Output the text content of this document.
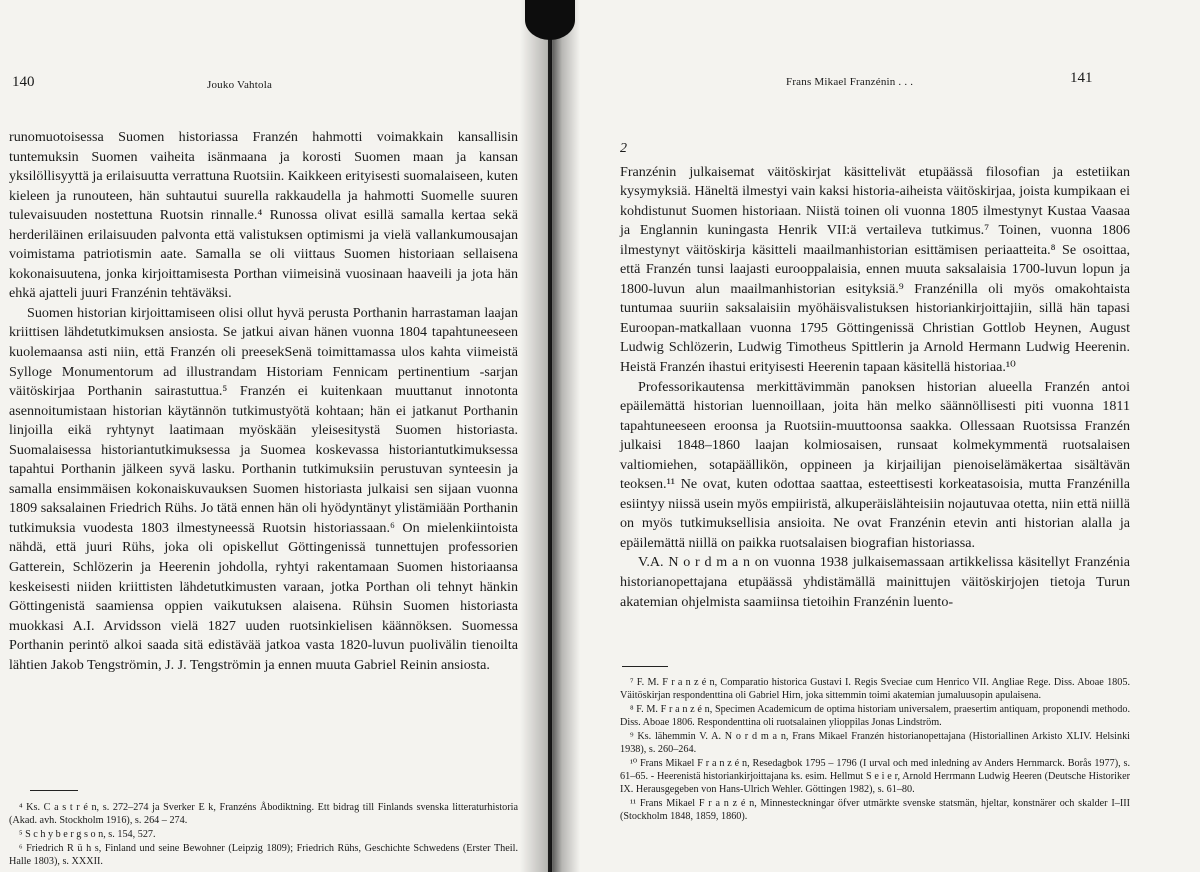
140	Jouko Vahtola

runomuotoisessa Suomen historiassa Franzén hahmotti voimakkain kansallisin tuntemuksin Suomen vaiheita isänmaana ja korosti Suomen maan ja kansan yksilöllisyyttä ja erilaisuutta verrattuna Ruotsiin. Kaikkeen erityisesti suomalaiseen, kuten kieleen ja runouteen, hän suhtautui suurella rakkaudella ja hahmotti Suomelle suuren tulevaisuuden nostettuna Ruotsin rinnalle.⁴ Runossa olivat esillä samalla kertaa sekä herderiläinen erilaisuuden palvonta että valistuksen optimismi ja vielä vallankumousajan voimistama patriotismin aate. Samalla se oli viittaus Suomen historiaan sellaisena kokonaisuutena, jonka kirjoittamisesta Porthan viimeisinä vuosinaan haaveili ja jota hän ehkä ajatteli juuri Franzénin tehtäväksi.

Suomen historian kirjoittamiseen olisi ollut hyvä perusta Porthanin harrastaman laajan kriittisen lähdetutkimuksen ansiosta. Se jatkui aivan hänen vuonna 1804 tapahtuneeseen kuolemaansa asti niin, että Franzén oli preesekSenä toimittamassa ulos kahta viimeistä Sylloge Monumentorum ad illustrandam Historiam Fennicam pertinentium -sarjan väitöskirjaa Porthanin sairastuttua.⁵ Franzén ei kuitenkaan muuttanut innotonta asennoitumistaan historian käytännön tutkimustyötä kohtaan; hän ei jatkanut Porthanin linjoilla eikä ryhtynyt laatimaan myöskään yleisesitystä Suomen historiasta. Suomalaisessa historiantutkimuksessa ja Suomea koskevassa historiantutkimuksessa tapahtui Porthanin jälkeen syvä lasku. Porthanin tutkimuksiin perustuvan synteesin ja samalla ensimmäisen kokonaiskuvauksen Suomen historiasta julkaisi sen sijaan vuonna 1809 saksalainen Friedrich Rühs. Jo tätä ennen hän oli hyödyntänyt ylistämiään Porthanin tutkimuksia vuodesta 1803 ilmestyneessä Ruotsin historiassaan.⁶ On mielenkiintoista nähdä, että juuri Rühs, joka oli opiskellut Göttingenissä tunnettujen professorien Gatterein, Schlözerin ja Heerenin johdolla, ryhtyi rakentamaan Suomen historiaansa keskeisesti niiden kriittisten lähdetutkimusten varaan, jotka Porthan oli tehnyt hänkin Göttingenistä saamiensa oppien vaikutuksen alaisena. Rühsin Suomen historiasta muokkasi A.I. Arvidsson vielä 1827 uuden ruotsinkielisen käännöksen. Suomessa Porthanin perintö alkoi saada sitä edistävää jatkoa vasta 1820-luvun puolivälin tienoilta lähtien Jakob Tengströmin, J. J. Tengströmin ja ennen muuta Gabriel Reinin ansiosta.

⁴ Ks. C a s t r é n, s. 272–274 ja Sverker E k, Franzéns Åbodiktning. Ett bidrag till Finlands svenska litteraturhistoria (Akad. avh. Stockholm 1916), s. 264 – 274.

⁵ S c h y b e r g s o n, s. 154, 527.

⁶ Friedrich R ü h s, Finland und seine Bewohner (Leipzig 1809); Friedrich Rühs, Geschichte Schwedens (Erster Theil. Halle 1803), s. XXXII.

Frans Mikael Franzénin . . .	141
2

Franzénin julkaisemat väitöskirjat käsittelivät etupäässä filosofian ja estetiikan kysymyksiä. Häneltä ilmestyi vain kaksi historia-aiheista väitöskirjaa, joista kumpikaan ei kohdistunut Suomen historiaan. Niistä toinen oli vuonna 1805 ilmestynyt Kustaa Vaasaa ja Englannin kuningasta Henrik VII:ä vertaileva tutkimus.⁷ Toinen, vuonna 1806 ilmestynyt väitöskirja käsitteli maailmanhistorian esittämisen periaatteita.⁸ Se osoittaa, että Franzén tunsi laajasti eurooppalaisia, ennen muuta saksalaisia 1700-luvun lopun ja 1800-luvun alun maailmanhistorian esityksiä.⁹ Franzénilla oli myös omakohtaista tuntumaa suuriin saksalaisiin myöhäisvalistuksen historiankirjoittajiin, sillä hän tapasi Euroopan-matkallaan vuonna 1795 Göttingenissä Christian Gottlob Heynen, August Ludwig Schlözerin, Ludwig Timotheus Spittlerin ja Arnold Hermann Ludwig Heerenin. Heistä Franzén ihastui erityisesti Heerenin tapaan käsitellä historiaa.¹⁰

Professorikautensa merkittävimmän panoksen historian alueella Franzén antoi epäilemättä historian luennoillaan, joita hän melko säännöllisesti piti vuonna 1811 tapahtuneeseen eroonsa ja Ruotsiin-muuttoonsa saakka. Ollessaan Ruotsissa Franzén julkaisi 1848–1860 laajan kolmiosaisen, runsaat kolmekymmentä ruotsalaisen valtiomiehen, sotapäällikön, oppineen ja kirjailijan pienoiselämäkertaa sisältävän teoksen.¹¹ Ne ovat, kuten odottaa saattaa, esteettisesti korkeatasoisia, mutta Franzénilla esiintyy niissä usein myös empiiristä, alkuperäislähteisiin nojautuvaa otetta, niin että niillä on myös tutkimuksellisia ansioita. Ne ovat Franzénin etevin anti historian alalla ja epäilemättä niillä on paikka ruotsalaisen biografian historiassa.

V.A. N o r d m a n on vuonna 1938 julkaisemassaan artikkelissa käsitellyt Franzénia historianopettajana etupäässä yhdistämällä mainittujen väitöskirjojen tietoja Turun akatemian ohjelmista saamiinsa tietoihin Franzénin luento-

⁷ F. M. F r a n z é n, Comparatio historica Gustavi I. Regis Sveciae cum Henrico VII. Angliae Rege. Diss. Aboae 1805. Väitöskirjan respondenttina oli Gabriel Hirn, joka sittemmin toimi akatemian jumaluusopin apulaisena.

⁸ F. M. F r a n z é n, Specimen Academicum de optima historiam universalem, praesertim antiquam, proponendi methodo. Diss. Aboae 1806. Respondenttina oli ruotsalainen ylioppilas Jonas Lindström.

⁹ Ks. lähemmin V. A. N o r d m a n, Frans Mikael Franzén historianopettajana (Historiallinen Arkisto XLIV. Helsinki 1938), s. 260–264.

¹⁰ Frans Mikael F r a n z é n, Resedagbok 1795 – 1796 (I urval och med inledning av Anders Hernmarck. Borås 1977), s. 61–65. - Heerenistä historiankirjoittajana ks. esim. Hellmut S e i e r, Arnold Herrmann Ludwig Heeren (Deutsche Historiker IX. Herausgegeben von Hans-Ulrich Wehler. Göttingen 1982), s. 61–80.

¹¹ Frans Mikael F r a n z é n, Minnesteckningar öfver utmärkte svenske statsmän, hjeltar, konstnärer och skalder I–III (Stockholm 1848, 1859, 1860).
